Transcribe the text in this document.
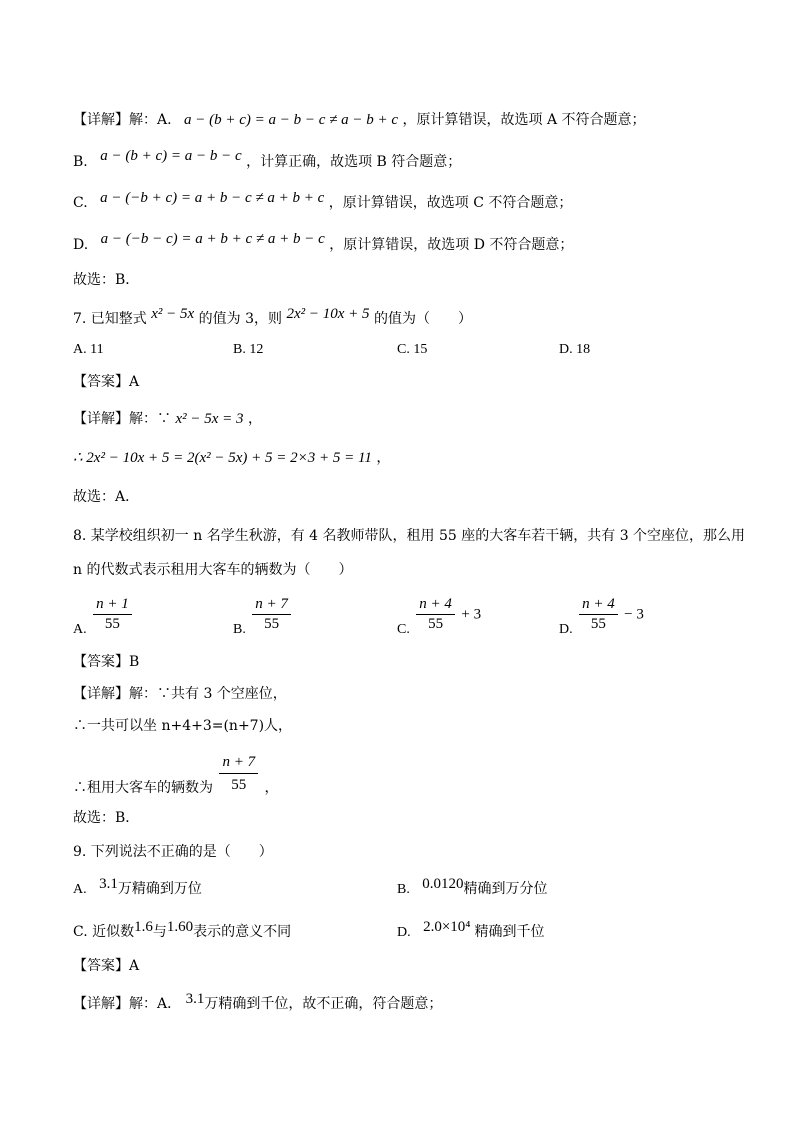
【详解】解：A. a − (b + c) = a − b − c ≠ a − b + c ，原计算错误，故选项 A 不符合题意；
B. a − (b + c) = a − b − c ，计算正确，故选项 B 符合题意；
C. a − (−b + c) = a + b − c ≠ a + b + c ，原计算错误，故选项 C 不符合题意；
D. a − (−b − c) = a + b + c ≠ a + b − c ，原计算错误，故选项 D 不符合题意；
故选：B．
7. 已知整式 x² − 5x 的值为 3，则 2x² − 10x + 5 的值为（　　）
A. 11	B. 12	C. 15	D. 18
【答案】A
【详解】解：∵ x² − 5x = 3 ，
∴ 2x² − 10x + 5 = 2(x² − 5x) + 5 = 2×3 + 5 = 11 ，
故选：A．
8. 某学校组织初一 n 名学生秋游，有 4 名教师带队，租用 55 座的大客车若干辆，共有 3 个空座位，那么用
n 的代数式表示租用大客车的辆数为（　　）
A. $\frac{n + 1}{55}$	B. $\frac{n + 7}{55}$	C. $\frac{n + 4}{55} + 3$
D. $\frac{n + 4}{55} - 3$
【答案】B
【详解】解：∵共有 3 个空座位，
∴一共可以坐 n+4+3=(n+7)人，
∴租用大客车的辆数为 $\frac{n + 7}{55}$ ，
故选：B．
9. 下列说法不正确的是（　　）
A. 3.1万精确到万位	B. 0.0120精确到万分位
C. 近似数1.6与1.60表示的意义不同	D. 2.0×10⁴ 精确到千位
【答案】A
【详解】解：A． 3.1万精确到千位，故不正确，符合题意；
